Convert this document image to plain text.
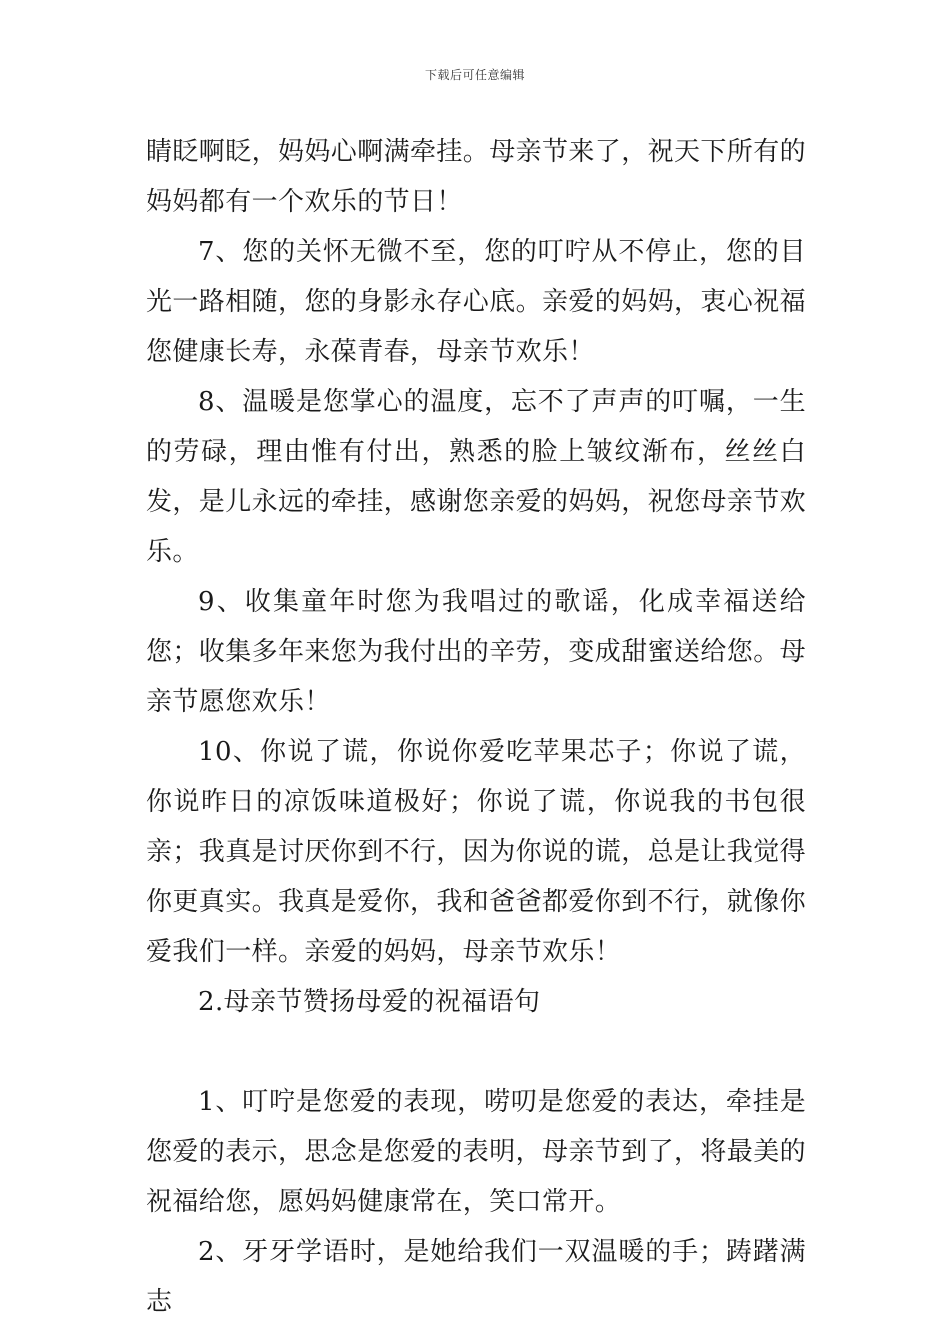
下载后可任意编辑

睛眨啊眨，妈妈心啊满牵挂。母亲节来了，祝天下所有的妈妈都有一个欢乐的节日！

7、您的关怀无微不至，您的叮咛从不停止，您的目光一路相随，您的身影永存心底。亲爱的妈妈，衷心祝福您健康长寿，永葆青春，母亲节欢乐！

8、温暖是您掌心的温度，忘不了声声的叮嘱，一生的劳碌，理由惟有付出，熟悉的脸上皱纹渐布，丝丝白发，是儿永远的牵挂，感谢您亲爱的妈妈，祝您母亲节欢乐。

9、收集童年时您为我唱过的歌谣，化成幸福送给您；收集多年来您为我付出的辛劳，变成甜蜜送给您。母亲节愿您欢乐！

10、你说了谎，你说你爱吃苹果芯子；你说了谎，你说昨日的凉饭味道极好；你说了谎，你说我的书包很亲；我真是讨厌你到不行，因为你说的谎，总是让我觉得你更真实。我真是爱你，我和爸爸都爱你到不行，就像你爱我们一样。亲爱的妈妈，母亲节欢乐！

2.母亲节赞扬母爱的祝福语句

1、叮咛是您爱的表现，唠叨是您爱的表达，牵挂是您爱的表示，思念是您爱的表明，母亲节到了，将最美的祝福给您，愿妈妈健康常在，笑口常开。

2、牙牙学语时，是她给我们一双温暖的手；踌躇满志
